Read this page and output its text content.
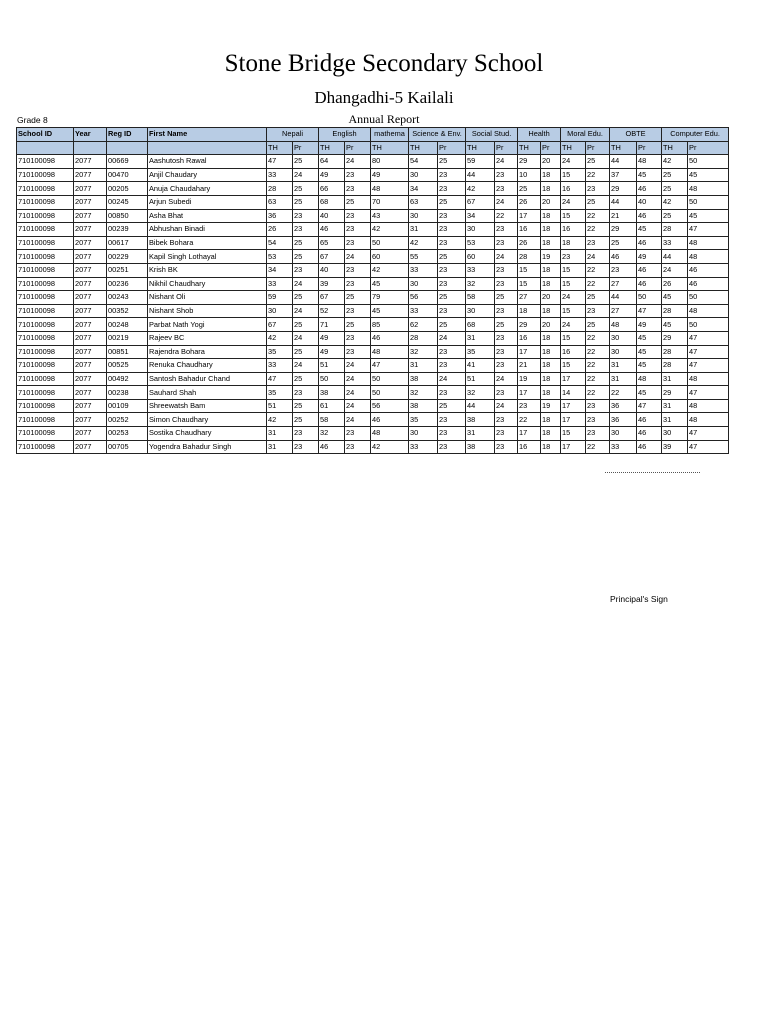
Stone Bridge Secondary School
Dhangadhi-5 Kailali
Annual Report
Grade 8
School ID	Year	Reg ID	First Name	Nepali		English		mathema	Science & Env.		Social Stud.		Health		Moral Edu.		OBTE		Computer Edu.	
				TH	Pr	TH	Pr	TH	TH	Pr	TH	Pr	TH	Pr	TH	Pr	TH	Pr	TH	Pr
710100098	2077	00669	Aashutosh Rawal	47	25	64	24	80	54	25	59	24	29	20	24	25	44	48	42	50
710100098	2077	00470	Anjil Chaudary	33	24	49	23	49	30	23	44	23	10	18	15	22	37	45	25	45
710100098	2077	00205	Anuja Chaudahary	28	25	66	23	48	34	23	42	23	25	18	16	23	29	46	25	48
710100098	2077	00245	Arjun Subedi	63	25	68	25	70	63	25	67	24	26	20	24	25	44	40	42	50
710100098	2077	00850	Asha Bhat	36	23	40	23	43	30	23	34	22	17	18	15	22	21	46	25	45
710100098	2077	00239	Abhushan Binadi	26	23	46	23	42	31	23	30	23	16	18	16	22	29	45	28	47
710100098	2077	00617	Bibek Bohara	54	25	65	23	50	42	23	53	23	26	18	18	23	25	46	33	48
710100098	2077	00229	Kapil Singh Lothayal	53	25	67	24	60	55	25	60	24	28	19	23	24	46	49	44	48
710100098	2077	00251	Krish BK	34	23	40	23	42	33	23	33	23	15	18	15	22	23	46	24	46
710100098	2077	00236	Nikhil Chaudhary	33	24	39	23	45	30	23	32	23	15	18	15	22	27	46	26	46
710100098	2077	00243	Nishant Oli	59	25	67	25	79	56	25	58	25	27	20	24	25	44	50	45	50
710100098	2077	00352	Nishant Shob	30	24	52	23	45	33	23	30	23	18	18	15	23	27	47	28	48
710100098	2077	00248	Parbat Nath Yogi	67	25	71	25	85	62	25	68	25	29	20	24	25	48	49	45	50
710100098	2077	00219	Rajeev BC	42	24	49	23	46	28	24	31	23	16	18	15	22	30	45	29	47
710100098	2077	00851	Rajendra Bohara	35	25	49	23	48	32	23	35	23	17	18	16	22	30	45	28	47
710100098	2077	00525	Renuka Chaudhary	33	24	51	24	47	31	23	41	23	21	18	15	22	31	45	28	47
710100098	2077	00492	Santosh Bahadur Chand	47	25	50	24	50	38	24	51	24	19	18	17	22	31	48	31	48
710100098	2077	00238	Sauhard Shah	35	23	38	24	50	32	23	32	23	17	18	14	22	22	45	29	47
710100098	2077	00109	Shreewatsh Bam	51	25	61	24	56	38	25	44	24	23	19	17	23	36	47	31	48
710100098	2077	00252	Simon Chaudhary	42	25	58	24	46	35	23	38	23	22	18	17	23	36	46	31	48
710100098	2077	00253	Sostika Chaudhary	31	23	32	23	48	30	23	31	23	17	18	15	23	30	46	30	47
710100098	2077	00705	Yogendra Bahadur Singh	31	23	46	23	42	33	23	38	23	16	18	17	22	33	46	39	47
Principal's Sign
